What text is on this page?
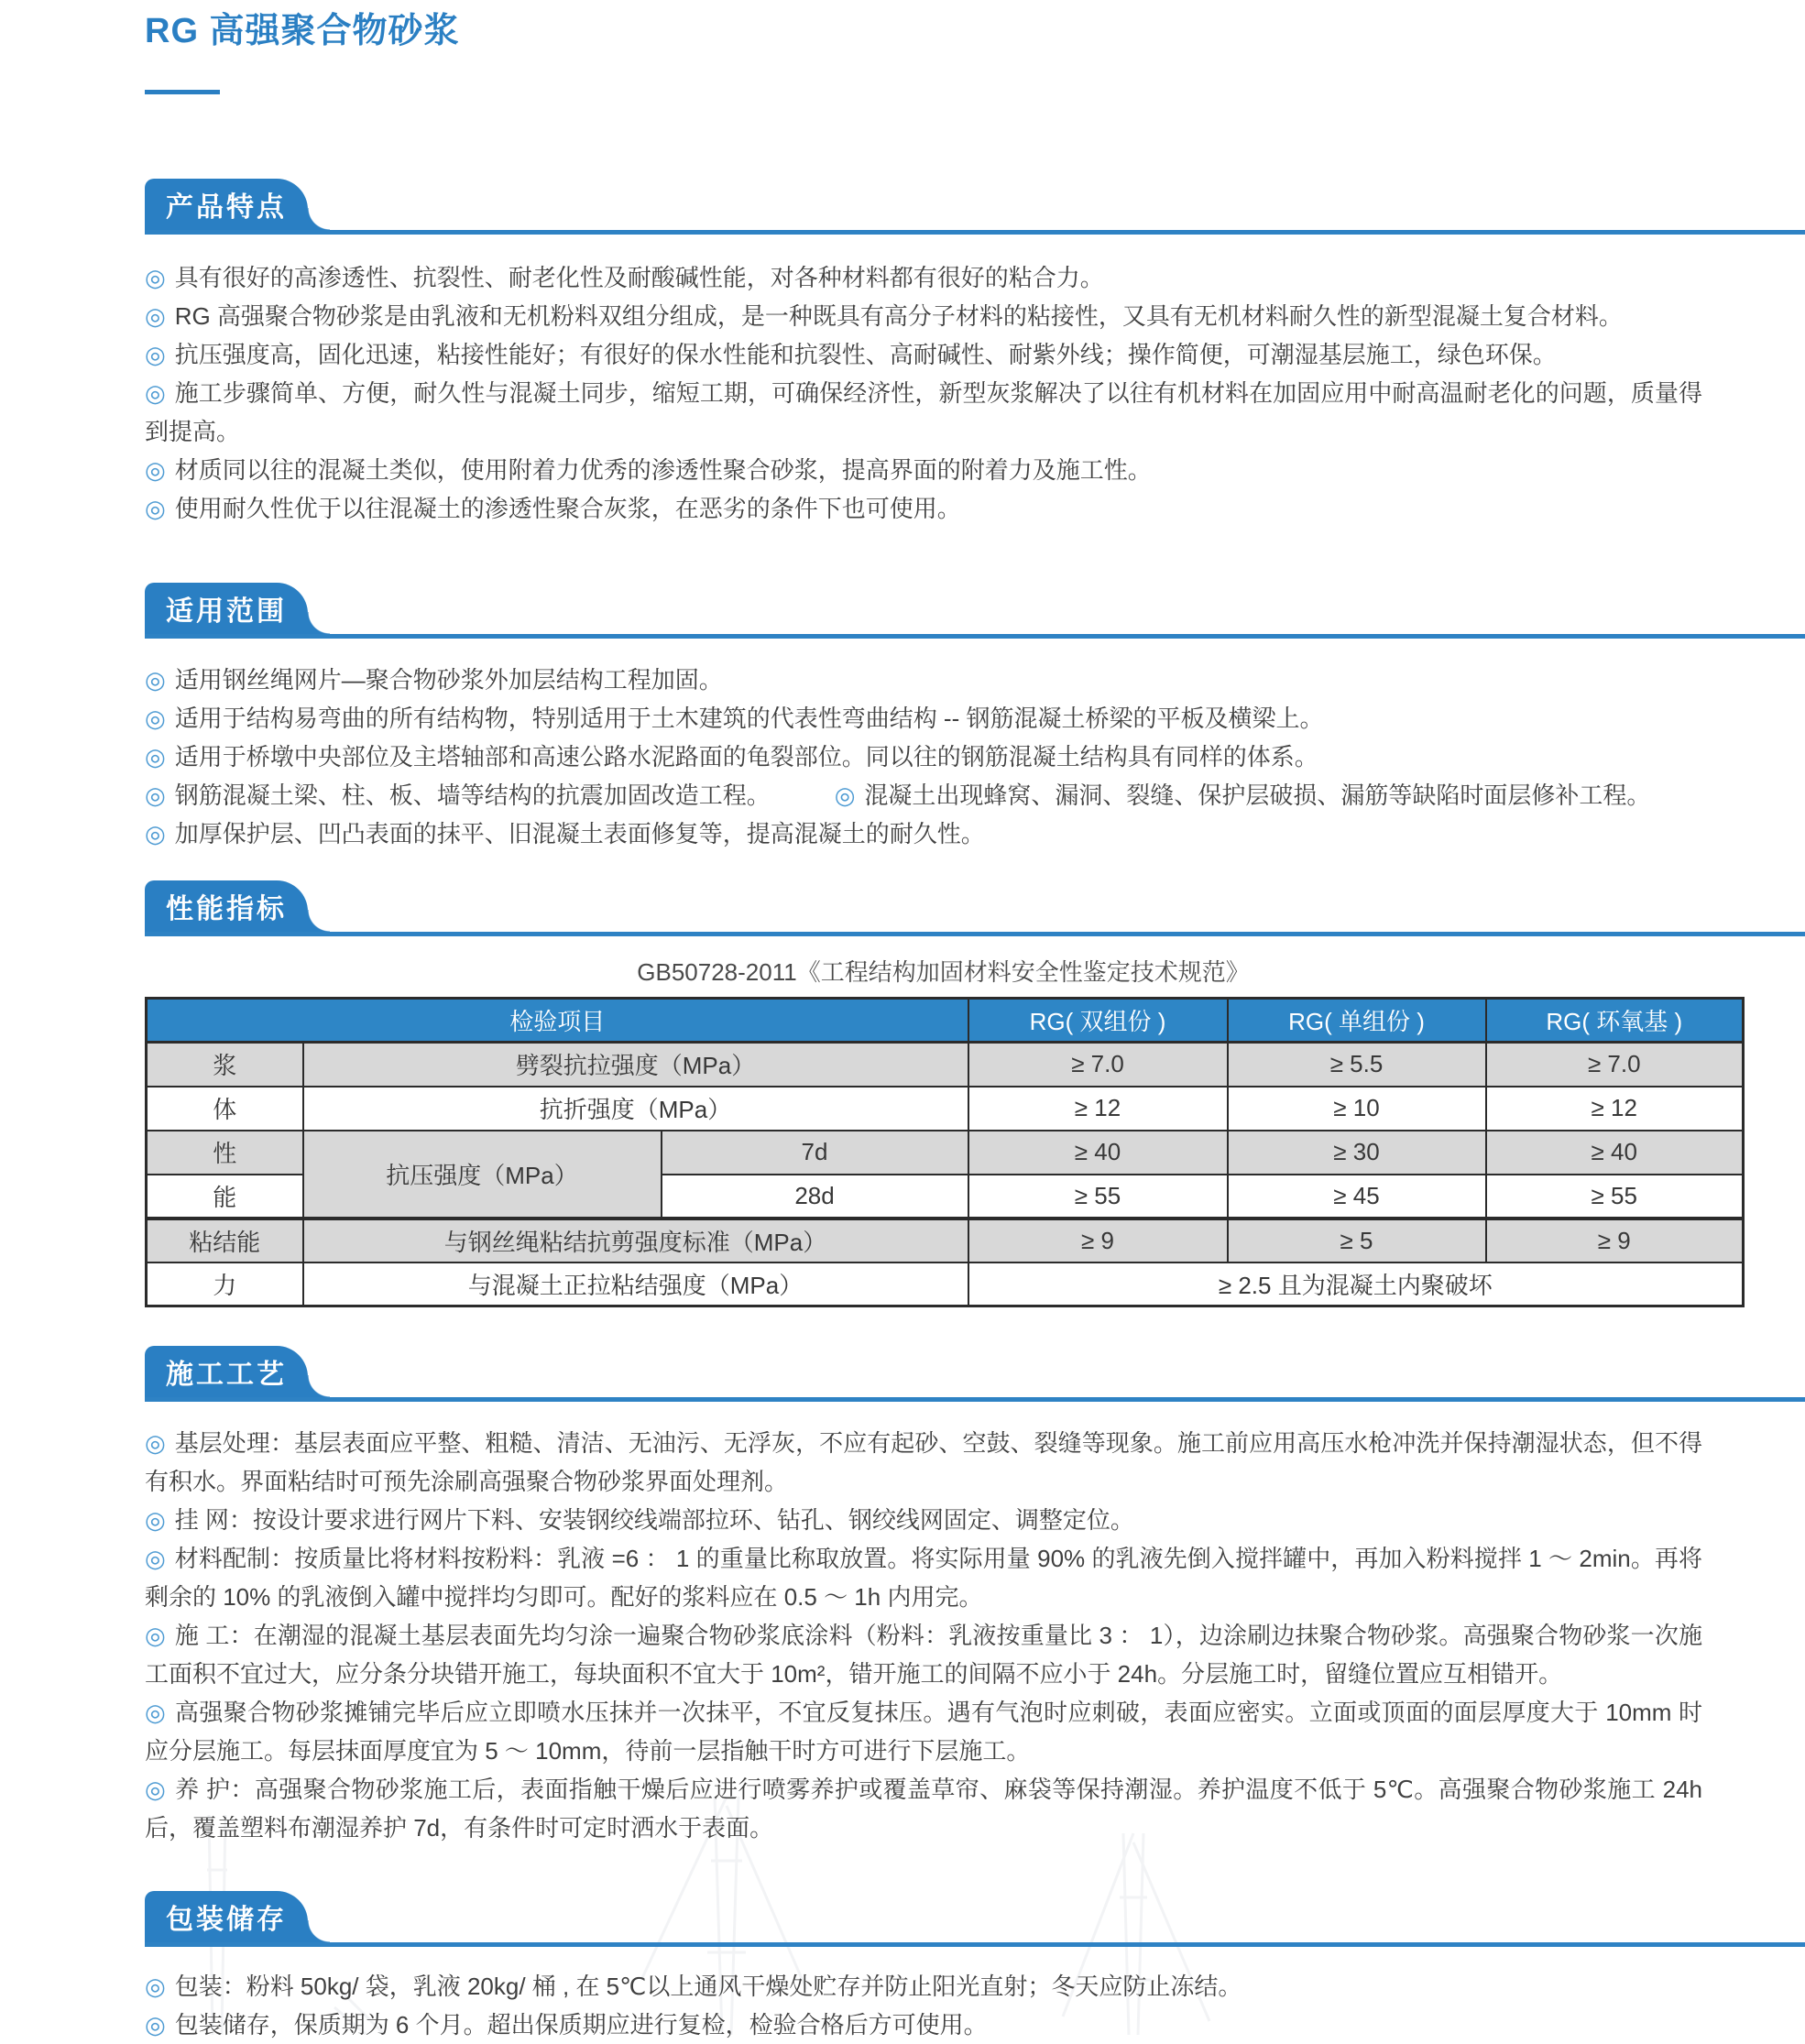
RG 高强聚合物砂浆
产品特点

◎ 具有很好的高渗透性、抗裂性、耐老化性及耐酸碱性能，对各种材料都有很好的粘合力。

◎ RG 高强聚合物砂浆是由乳液和无机粉料双组分组成，是一种既具有高分子材料的粘接性，又具有无机材料耐久性的新型混凝土复合材料。

◎ 抗压强度高，固化迅速，粘接性能好；有很好的保水性能和抗裂性、高耐碱性、耐紫外线；操作简便，可潮湿基层施工，绿色环保。

◎ 施工步骤简单、方便，耐久性与混凝土同步，缩短工期，可确保经济性，新型灰浆解决了以往有机材料在加固应用中耐高温耐老化的问题，质量得到提高。

◎ 材质同以往的混凝土类似，使用附着力优秀的渗透性聚合砂浆，提高界面的附着力及施工性。

◎ 使用耐久性优于以往混凝土的渗透性聚合灰浆，在恶劣的条件下也可使用。

适用范围

◎ 适用钢丝绳网片—聚合物砂浆外加层结构工程加固。

◎ 适用于结构易弯曲的所有结构物，特别适用于土木建筑的代表性弯曲结构 -- 钢筋混凝土桥梁的平板及横梁上。

◎ 适用于桥墩中央部位及主塔轴部和高速公路水泥路面的龟裂部位。同以往的钢筋混凝土结构具有同样的体系。

◎ 钢筋混凝土梁、柱、板、墙等结构的抗震加固改造工程。	◎ 混凝土出现蜂窝、漏洞、裂缝、保护层破损、漏筋等缺陷时面层修补工程。

◎ 加厚保护层、凹凸表面的抹平、旧混凝土表面修复等，提高混凝土的耐久性。

性能指标
GB50728-2011《工程结构加固材料安全性鉴定技术规范》
检验项目			RG( 双组份 )	RG( 单组份 )	RG( 环氧基 )
浆	劈裂抗拉强度（MPa）		≥ 7.0	≥ 5.5	≥ 7.0
体	抗折强度（MPa）		≥ 12	≥ 10	≥ 12
性	抗压强度（MPa）	7d	≥ 40	≥ 30	≥ 40
能		28d	≥ 55	≥ 45	≥ 55
粘结能	与钢丝绳粘结抗剪强度标准（MPa）		≥ 9	≥ 5	≥ 9
力	与混凝土正拉粘结强度（MPa）		≥ 2.5 且为混凝土内聚破坏		
施工工艺

◎ 基层处理：基层表面应平整、粗糙、清洁、无油污、无浮灰，不应有起砂、空鼓、裂缝等现象。施工前应用高压水枪冲洗并保持潮湿状态，但不得有积水。界面粘结时可预先涂刷高强聚合物砂浆界面处理剂。

◎ 挂 网：按设计要求进行网片下料、安装钢绞线端部拉环、钻孔、钢绞线网固定、调整定位。

◎ 材料配制：按质量比将材料按粉料：乳液 =6 ： 1 的重量比称取放置。将实际用量 90% 的乳液先倒入搅拌罐中，再加入粉料搅拌 1 ～ 2min。再将剩余的 10% 的乳液倒入罐中搅拌均匀即可。配好的浆料应在 0.5 ～ 1h 内用完。

◎ 施 工：在潮湿的混凝土基层表面先均匀涂一遍聚合物砂浆底涂料（粉料：乳液按重量比 3 ： 1），边涂刷边抹聚合物砂浆。高强聚合物砂浆一次施工面积不宜过大，应分条分块错开施工，每块面积不宜大于 10m²，错开施工的间隔不应小于 24h。分层施工时，留缝位置应互相错开。

◎ 高强聚合物砂浆摊铺完毕后应立即喷水压抹并一次抹平，不宜反复抹压。遇有气泡时应刺破，表面应密实。立面或顶面的面层厚度大于 10mm 时应分层施工。每层抹面厚度宜为 5 ～ 10mm，待前一层指触干时方可进行下层施工。

◎ 养 护：高强聚合物砂浆施工后，表面指触干燥后应进行喷雾养护或覆盖草帘、麻袋等保持潮湿。养护温度不低于 5℃。高强聚合物砂浆施工 24h 后，覆盖塑料布潮湿养护 7d，有条件时可定时洒水于表面。

包装储存

◎ 包装：粉料 50kg/ 袋，乳液 20kg/ 桶 , 在 5℃以上通风干燥处贮存并防止阳光直射；冬天应防止冻结。

◎ 包装储存，保质期为 6 个月。超出保质期应进行复检，检验合格后方可使用。
